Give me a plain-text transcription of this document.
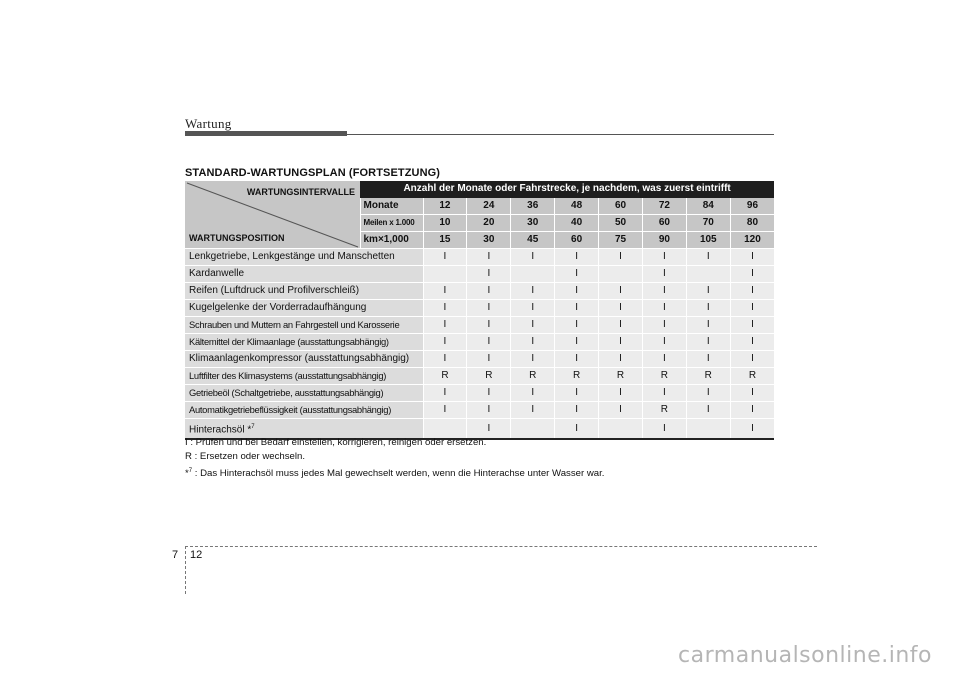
Wartung
STANDARD-WARTUNGSPLAN (FORTSETZUNG)
WARTUNGSINTERVALLE
WARTUNGSPOSITION	Anzahl der Monate oder Fahrstrecke, je nachdem, was zuerst eintrifft								
	Monate	12	24	36	48	60	72	84	96
	Meilen x 1.000	10	20	30	40	50	60	70	80
	km×1,000	15	30	45	60	75	90	105	120
Lenkgetriebe, Lenkgestänge und Manschetten		I	I	I	I	I	I	I	I
Kardanwelle			I		I		I		I
Reifen (Luftdruck und Profilverschleiß)		I	I	I	I	I	I	I	I
Kugelgelenke der Vorderradaufhängung		I	I	I	I	I	I	I	I
Schrauben und Muttern an Fahrgestell und Karosserie		I	I	I	I	I	I	I	I
Kältemittel der Klimaanlage (ausstattungsabhängig)		I	I	I	I	I	I	I	I
Klimaanlagenkompressor (ausstattungsabhängig)		I	I	I	I	I	I	I	I
Luftfilter des Klimasystems (ausstattungsabhängig)		R	R	R	R	R	R	R	R
Getriebeöl (Schaltgetriebe, ausstattungsabhängig)		I	I	I	I	I	I	I	I
Automatikgetriebeflüssigkeit (ausstattungsabhängig)		I	I	I	I	I	R	I	I
Hinterachsöl *$^7$			I		I		I		I
I : Prüfen und bei Bedarf einstellen, korrigieren, reinigen oder ersetzen.
R : Ersetzen oder wechseln.
*$^7$ : Das Hinterachsöl muss jedes Mal gewechselt werden, wenn die Hinterachse unter Wasser war.
7 12
carmanualsonline.info
